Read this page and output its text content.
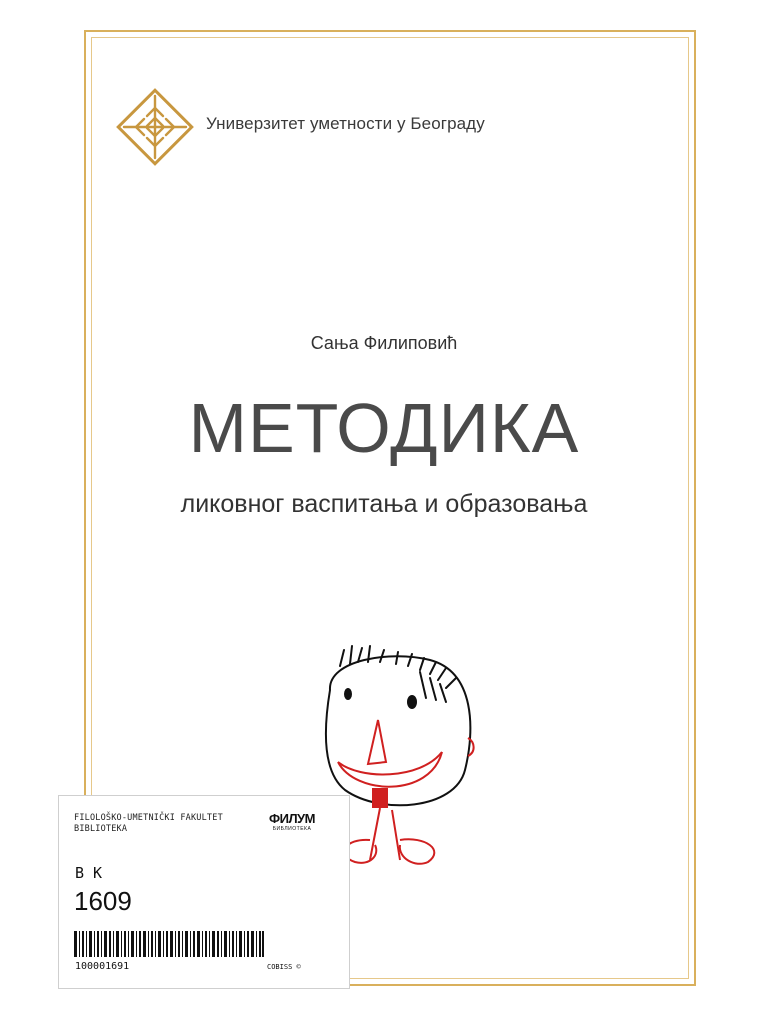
Универзитет уметности у Београду
Сања Филиповић
МЕТОДИКА
ликовног васпитања и образовања
FILOLOŠKO-UMETNIČKI FAKULTET BIBLIOTEKA
ФИЛУМ
БИБЛИОТЕКА
B K
1609
100001691	COBISS ©
